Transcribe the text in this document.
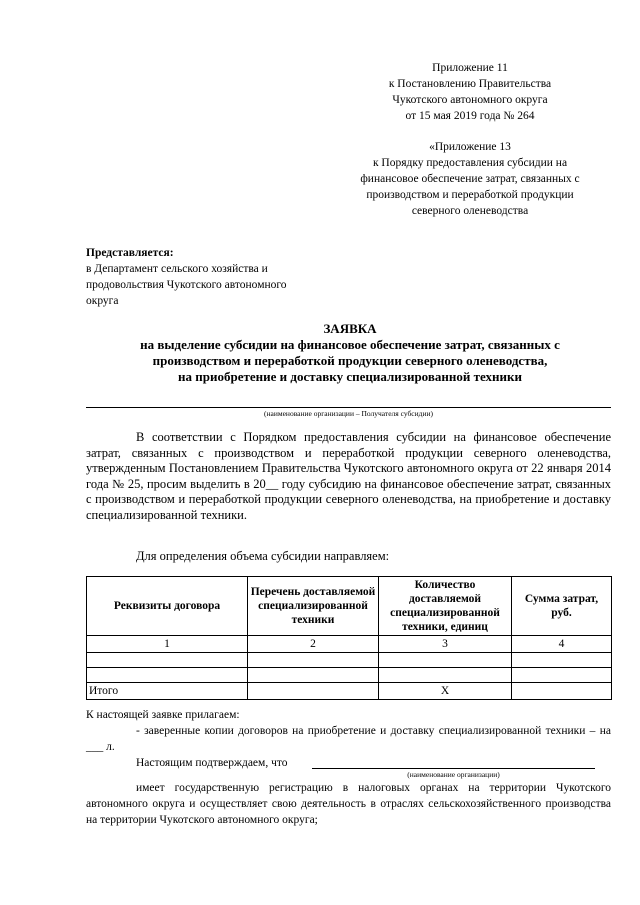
Приложение 11
к Постановлению Правительства
Чукотского автономного округа
от 15 мая 2019 года № 264
«Приложение 13
к Порядку предоставления субсидии на
финансовое обеспечение затрат, связанных с
производством и переработкой продукции
северного оленеводства
Представляется:
в Департамент сельского хозяйства и
продовольствия Чукотского автономного
округа
ЗАЯВКА
на выделение субсидии на финансовое обеспечение затрат, связанных с
производством и переработкой продукции северного оленеводства,
на приобретение и доставку специализированной техники
(наименование организации – Получателя субсидии)
В соответствии с Порядком предоставления субсидии на финансовое обеспечение затрат, связанных с производством и переработкой продукции северного оленеводства, утвержденным Постановлением Правительства Чукотского автономного округа от 22 января 2014 года № 25, просим выделить в 20__ году субсидию на финансовое обеспечение затрат, связанных с производством и переработкой продукции северного оленеводства, на приобретение и доставку специализированной техники.
Для определения объема субсидии направляем:
Реквизиты договора	Перечень доставляемой специализированной техники	Количество доставляемой специализированной техники, единиц	Сумма затрат, руб.
1	2	3	4

Итого		Х	
К настоящей заявке прилагаем:
- заверенные копии договоров на приобретение и доставку специализированной техники – на ___ л.
Настоящим подтверждаем, что
(наименование организации)
имеет государственную регистрацию в налоговых органах на территории Чукотского автономного округа и осуществляет свою деятельность в отраслях сельскохозяйственного производства на территории Чукотского автономного округа;
